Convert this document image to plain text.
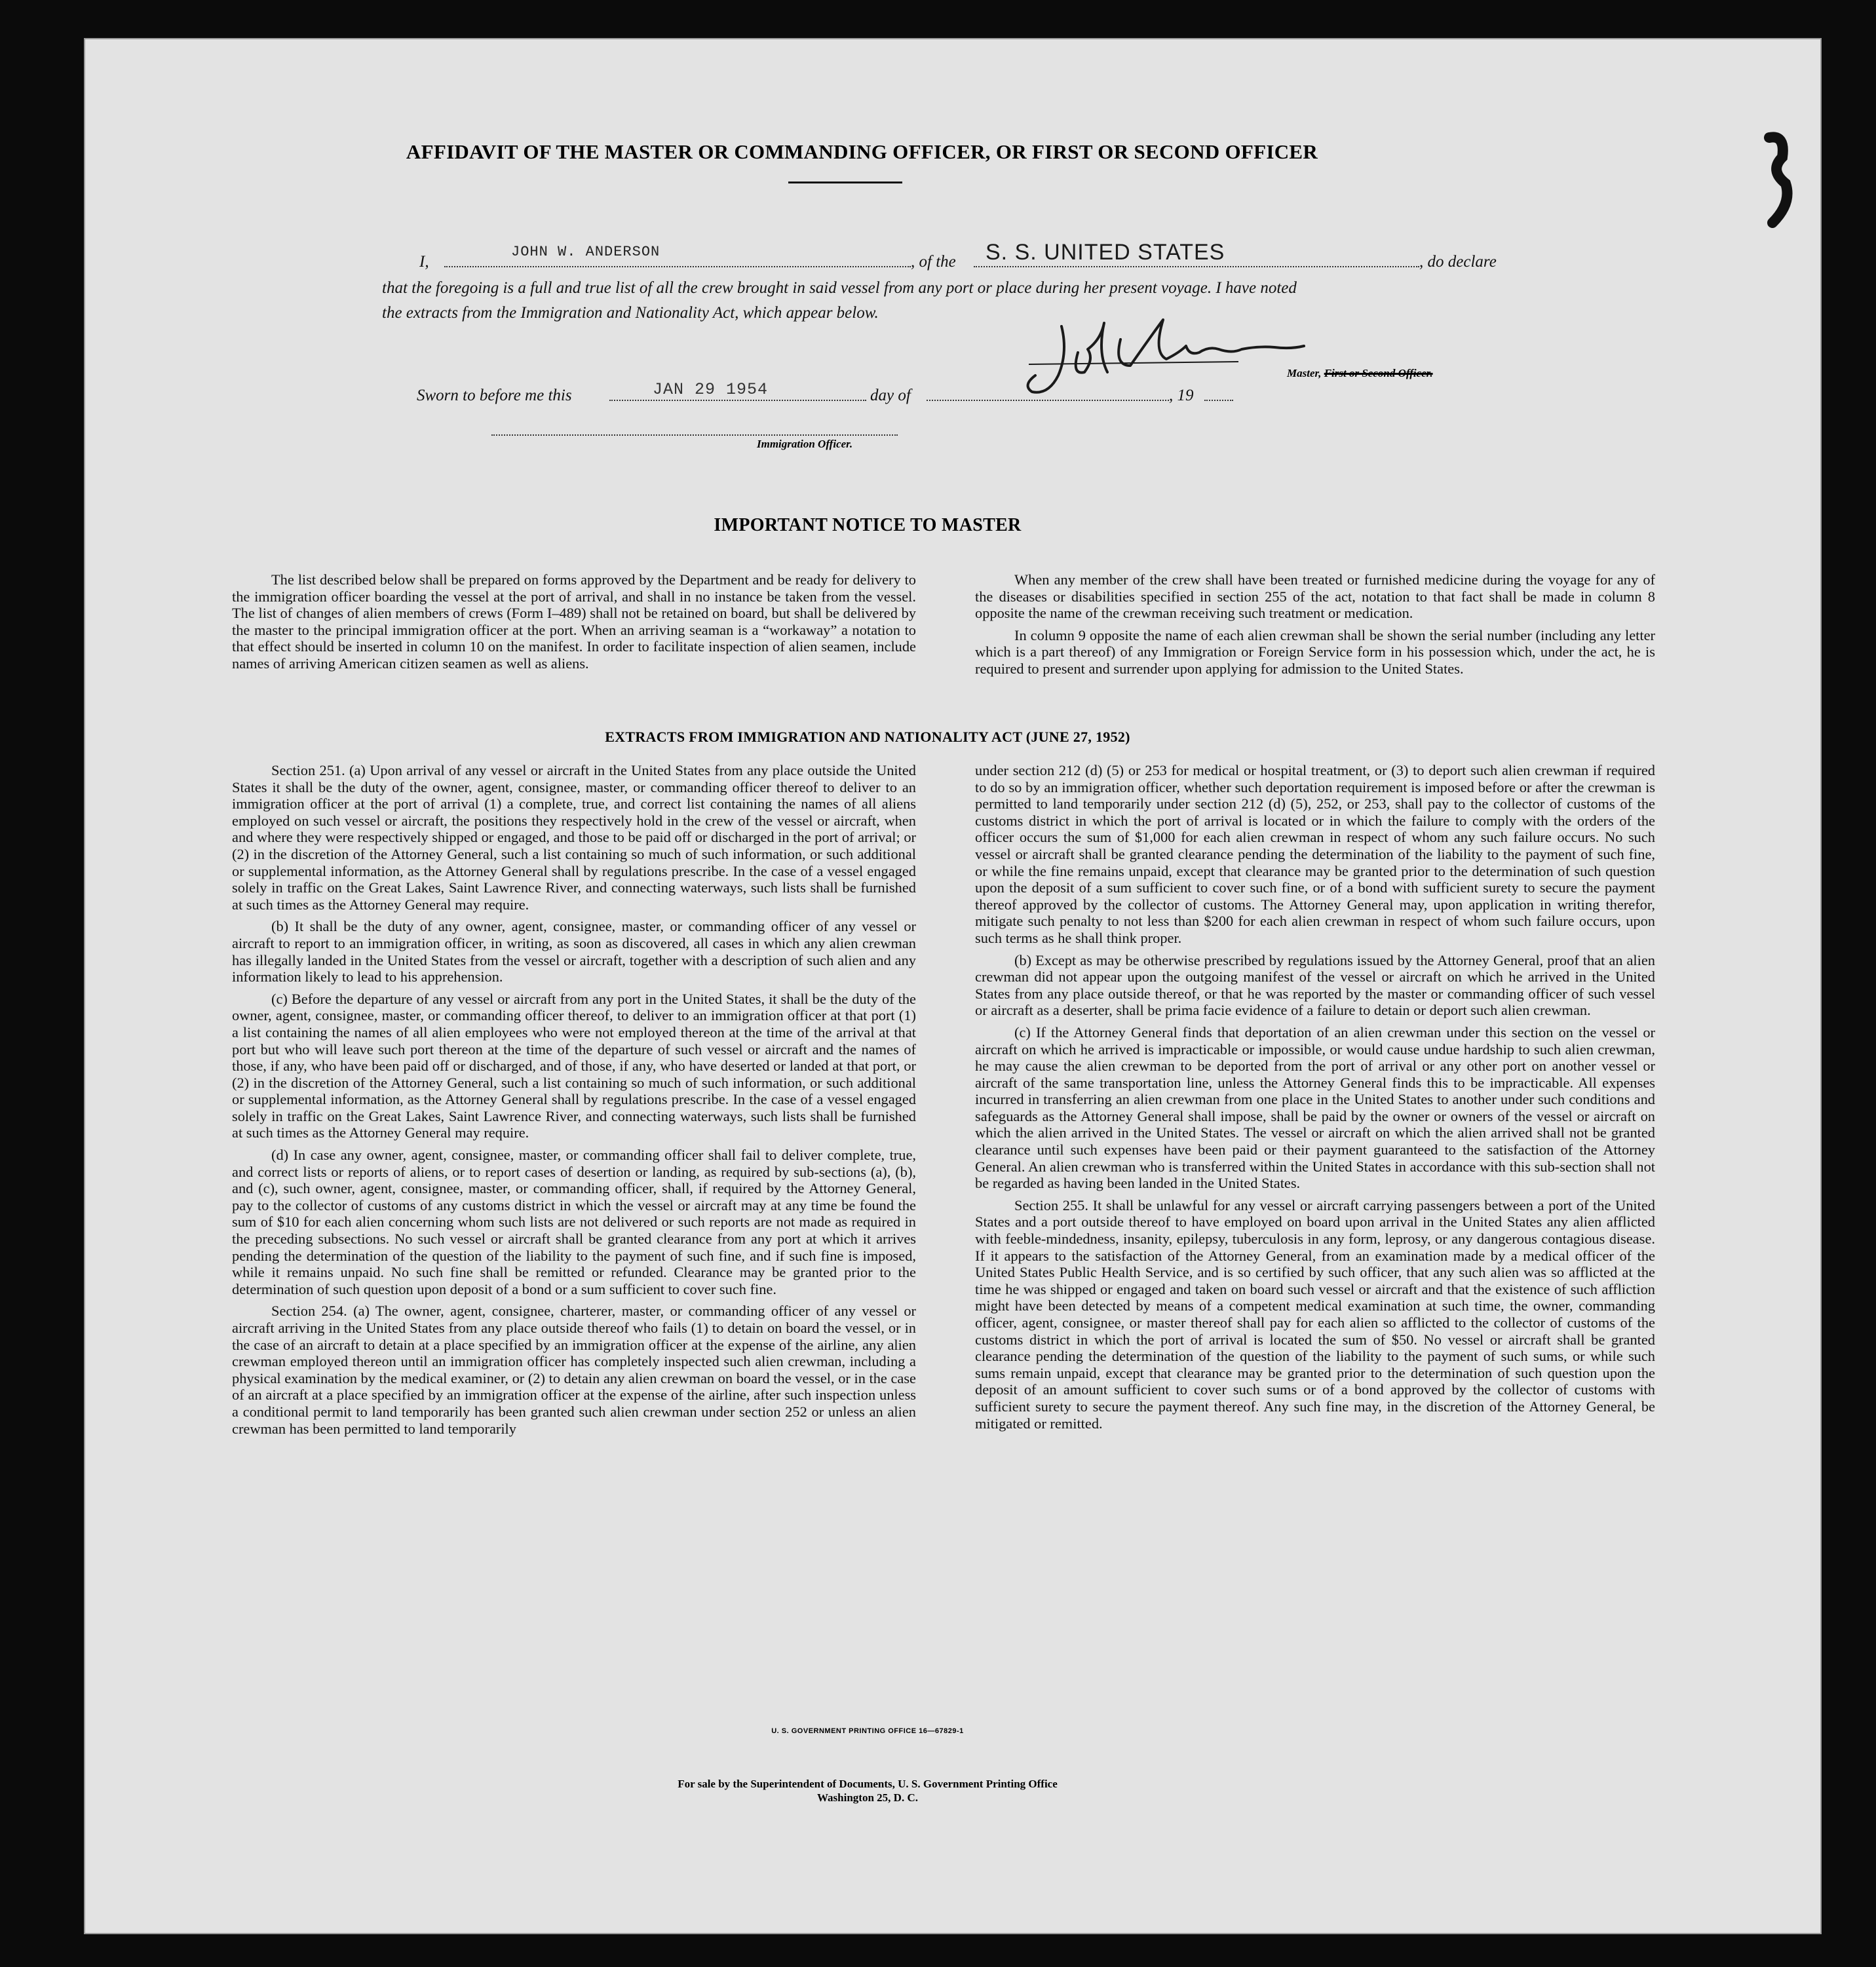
AFFIDAVIT OF THE MASTER OR COMMANDING OFFICER, OR FIRST OR SECOND OFFICER
I,
JOHN W. ANDERSON
, of the S. S. UNITED STATES	, do declare
that the foregoing is a full and true list of all the crew brought in said vessel from any port or place during her present voyage. I have noted
the extracts from the Immigration and Nationality Act, which appear below.
Master, First or Second Officer.
Sworn to before me this	JAN 29 1954	day of	, 19
Immigration Officer.
IMPORTANT NOTICE TO MASTER

The list described below shall be prepared on forms approved by the Department and be ready for delivery to the immigration officer boarding the vessel at the port of arrival, and shall in no instance be taken from the vessel. The list of changes of alien members of crews (Form I–489) shall not be retained on board, but shall be delivered by the master to the principal immigration officer at the port. When an arriving seaman is a “workaway” a notation to that effect should be inserted in column 10 on the manifest. In order to facilitate inspection of alien seamen, include names of arriving American citizen seamen as well as aliens.

When any member of the crew shall have been treated or furnished medicine during the voyage for any of the diseases or disabilities specified in section 255 of the act, notation to that fact shall be made in column 8 opposite the name of the crewman receiving such treatment or medication.

In column 9 opposite the name of each alien crewman shall be shown the serial number (including any letter which is a part thereof) of any Immigration or Foreign Service form in his possession which, under the act, he is required to present and surrender upon applying for admission to the United States.

EXTRACTS FROM IMMIGRATION AND NATIONALITY ACT (JUNE 27, 1952)

Section 251. (a) Upon arrival of any vessel or aircraft in the United States from any place outside the United States it shall be the duty of the owner, agent, consignee, master, or commanding officer thereof to deliver to an immigration officer at the port of arrival (1) a complete, true, and correct list containing the names of all aliens employed on such vessel or aircraft, the positions they respectively hold in the crew of the vessel or aircraft, when and where they were respectively shipped or engaged, and those to be paid off or discharged in the port of arrival; or (2) in the discretion of the Attorney General, such a list containing so much of such information, or such additional or supplemental information, as the Attorney General shall by regulations prescribe. In the case of a vessel engaged solely in traffic on the Great Lakes, Saint Lawrence River, and connecting waterways, such lists shall be furnished at such times as the Attorney General may require.

(b) It shall be the duty of any owner, agent, consignee, master, or commanding officer of any vessel or aircraft to report to an immigration officer, in writing, as soon as discovered, all cases in which any alien crewman has illegally landed in the United States from the vessel or aircraft, together with a description of such alien and any information likely to lead to his apprehension.

(c) Before the departure of any vessel or aircraft from any port in the United States, it shall be the duty of the owner, agent, consignee, master, or commanding officer thereof, to deliver to an immigration officer at that port (1) a list containing the names of all alien employees who were not employed thereon at the time of the arrival at that port but who will leave such port thereon at the time of the departure of such vessel or aircraft and the names of those, if any, who have been paid off or discharged, and of those, if any, who have deserted or landed at that port, or (2) in the discretion of the Attorney General, such a list containing so much of such information, or such additional or supplemental information, as the Attorney General shall by regulations prescribe. In the case of a vessel engaged solely in traffic on the Great Lakes, Saint Lawrence River, and connecting waterways, such lists shall be furnished at such times as the Attorney General may require.

(d) In case any owner, agent, consignee, master, or commanding officer shall fail to deliver complete, true, and correct lists or reports of aliens, or to report cases of desertion or landing, as required by sub-sections (a), (b), and (c), such owner, agent, consignee, master, or commanding officer, shall, if required by the Attorney General, pay to the collector of customs of any customs district in which the vessel or aircraft may at any time be found the sum of $10 for each alien concerning whom such lists are not delivered or such reports are not made as required in the preceding subsections. No such vessel or aircraft shall be granted clearance from any port at which it arrives pending the determination of the question of the liability to the payment of such fine, and if such fine is imposed, while it remains unpaid. No such fine shall be remitted or refunded. Clearance may be granted prior to the determination of such question upon deposit of a bond or a sum sufficient to cover such fine.

Section 254. (a) The owner, agent, consignee, charterer, master, or commanding officer of any vessel or aircraft arriving in the United States from any place outside thereof who fails (1) to detain on board the vessel, or in the case of an aircraft to detain at a place specified by an immigration officer at the expense of the airline, any alien crewman employed thereon until an immigration officer has completely inspected such alien crewman, including a physical examination by the medical examiner, or (2) to detain any alien crewman on board the vessel, or in the case of an aircraft at a place specified by an immigration officer at the expense of the airline, after such inspection unless a conditional permit to land temporarily has been granted such alien crewman under section 252 or unless an alien crewman has been permitted to land temporarily

under section 212 (d) (5) or 253 for medical or hospital treatment, or (3) to deport such alien crewman if required to do so by an immigration officer, whether such deportation requirement is imposed before or after the crewman is permitted to land temporarily under section 212 (d) (5), 252, or 253, shall pay to the collector of customs of the customs district in which the port of arrival is located or in which the failure to comply with the orders of the officer occurs the sum of $1,000 for each alien crewman in respect of whom any such failure occurs. No such vessel or aircraft shall be granted clearance pending the determination of the liability to the payment of such fine, or while the fine remains unpaid, except that clearance may be granted prior to the determination of such question upon the deposit of a sum sufficient to cover such fine, or of a bond with sufficient surety to secure the payment thereof approved by the collector of customs. The Attorney General may, upon application in writing therefor, mitigate such penalty to not less than $200 for each alien crewman in respect of whom such failure occurs, upon such terms as he shall think proper.

(b) Except as may be otherwise prescribed by regulations issued by the Attorney General, proof that an alien crewman did not appear upon the outgoing manifest of the vessel or aircraft on which he arrived in the United States from any place outside thereof, or that he was reported by the master or commanding officer of such vessel or aircraft as a deserter, shall be prima facie evidence of a failure to detain or deport such alien crewman.

(c) If the Attorney General finds that deportation of an alien crewman under this section on the vessel or aircraft on which he arrived is impracticable or impossible, or would cause undue hardship to such alien crewman, he may cause the alien crewman to be deported from the port of arrival or any other port on another vessel or aircraft of the same transportation line, unless the Attorney General finds this to be impracticable. All expenses incurred in transferring an alien crewman from one place in the United States to another under such conditions and safeguards as the Attorney General shall impose, shall be paid by the owner or owners of the vessel or aircraft on which the alien arrived in the United States. The vessel or aircraft on which the alien arrived shall not be granted clearance until such expenses have been paid or their payment guaranteed to the satisfaction of the Attorney General. An alien crewman who is transferred within the United States in accordance with this sub-section shall not be regarded as having been landed in the United States.

Section 255. It shall be unlawful for any vessel or aircraft carrying passengers between a port of the United States and a port outside thereof to have employed on board upon arrival in the United States any alien afflicted with feeble-mindedness, insanity, epilepsy, tuberculosis in any form, leprosy, or any dangerous contagious disease. If it appears to the satisfaction of the Attorney General, from an examination made by a medical officer of the United States Public Health Service, and is so certified by such officer, that any such alien was so afflicted at the time he was shipped or engaged and taken on board such vessel or aircraft and that the existence of such affliction might have been detected by means of a competent medical examination at such time, the owner, commanding officer, agent, consignee, or master thereof shall pay for each alien so afflicted to the collector of customs of the customs district in which the port of arrival is located the sum of $50. No vessel or aircraft shall be granted clearance pending the determination of the question of the liability to the payment of such sums, or while such sums remain unpaid, except that clearance may be granted prior to the determination of such question upon the deposit of an amount sufficient to cover such sums or of a bond approved by the collector of customs with sufficient surety to secure the payment thereof. Any such fine may, in the discretion of the Attorney General, be mitigated or remitted.

U. S. GOVERNMENT PRINTING OFFICE 16—67829-1
For sale by the Superintendent of Documents, U. S. Government Printing Office
Washington 25, D. C.
